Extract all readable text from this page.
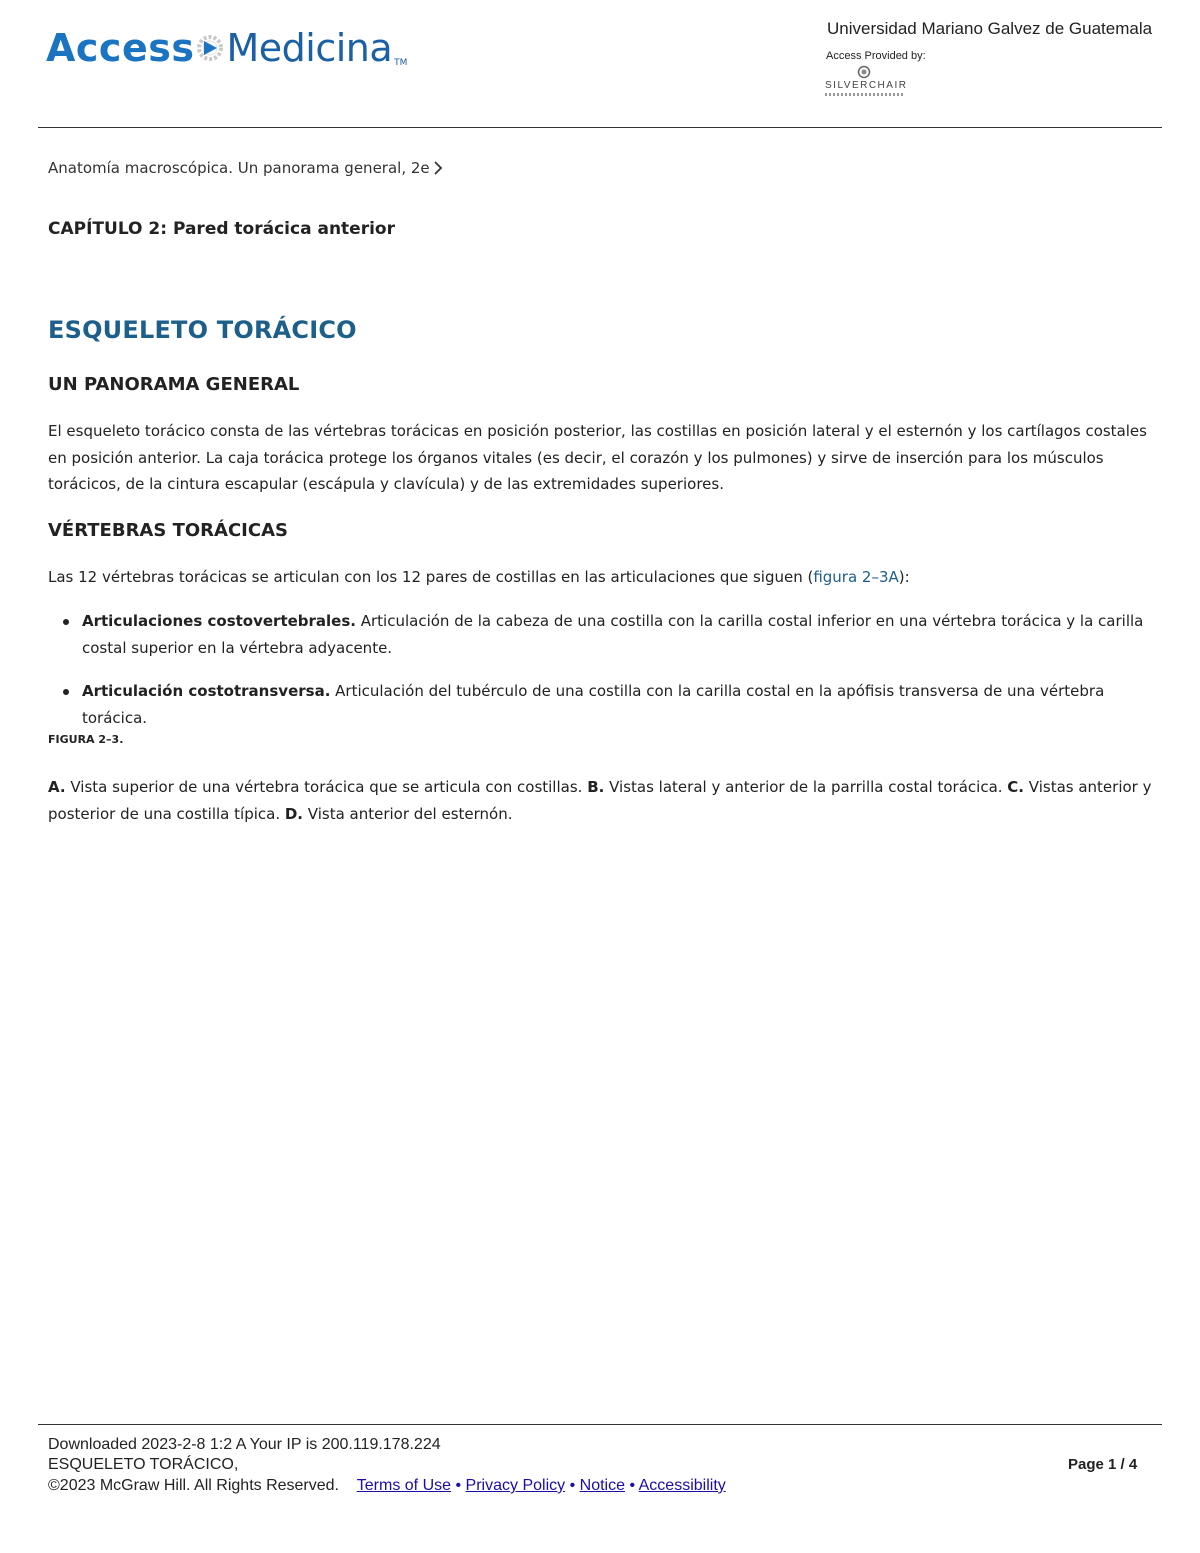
Access Medicina TM
Universidad Mariano Galvez de Guatemala
Access Provided by:
SILVERCHAIR
Anatomía macroscópica. Un panorama general, 2e
CAPÍTULO 2: Pared torácica anterior
ESQUELETO TORÁCICO
UN PANORAMA GENERAL
El esqueleto torácico consta de las vértebras torácicas en posición posterior, las costillas en posición lateral y el esternón y los cartílagos costales en posición anterior. La caja torácica protege los órganos vitales (es decir, el corazón y los pulmones) y sirve de inserción para los músculos torácicos, de la cintura escapular (escápula y clavícula) y de las extremidades superiores.
VÉRTEBRAS TORÁCICAS
Las 12 vértebras torácicas se articulan con los 12 pares de costillas en las articulaciones que siguen (figura 2–3A):
Articulaciones costovertebrales. Articulación de la cabeza de una costilla con la carilla costal inferior en una vértebra torácica y la carilla costal superior en la vértebra adyacente.
Articulación costotransversa. Articulación del tubérculo de una costilla con la carilla costal en la apófisis transversa de una vértebra torácica.
FIGURA 2–3.
A. Vista superior de una vértebra torácica que se articula con costillas. B. Vistas lateral y anterior de la parrilla costal torácica. C. Vistas anterior y posterior de una costilla típica. D. Vista anterior del esternón.
Downloaded 2023-2-8 1:2 A Your IP is 200.119.178.224
ESQUELETO TORÁCICO,
©2023 McGraw Hill. All Rights Reserved. Terms of Use • Privacy Policy • Notice • Accessibility
Page 1 / 4
